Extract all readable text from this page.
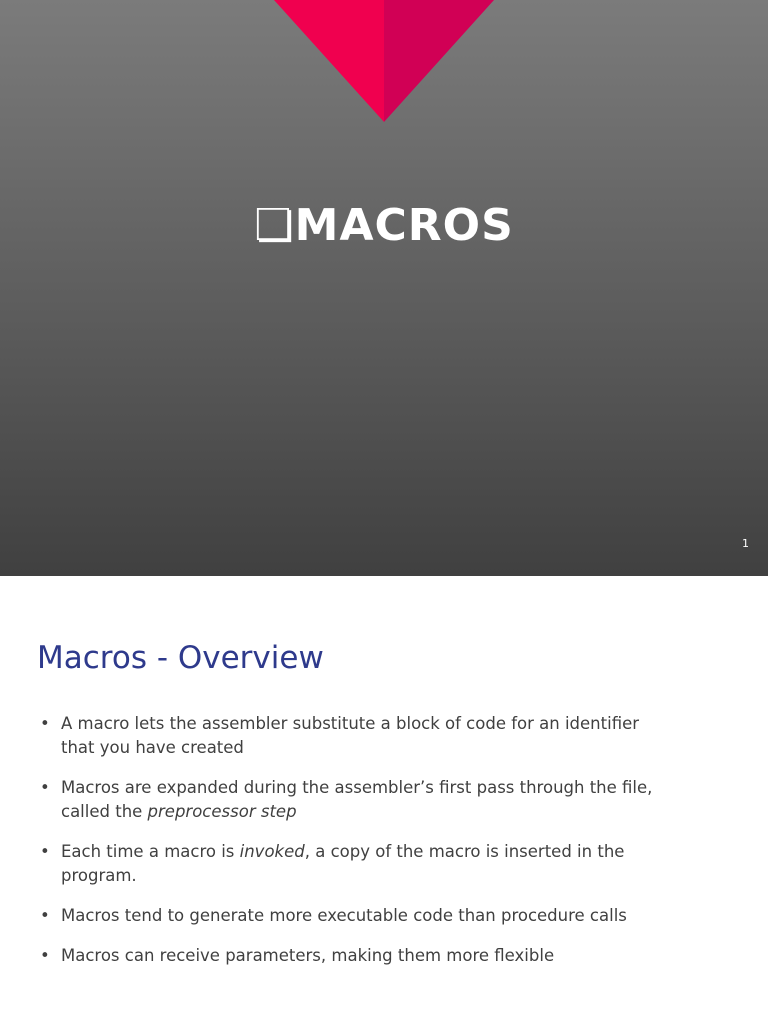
❏MACROS
1
Macros - Overview
• A macro lets the assembler substitute a block of code for an identifier that you have created
• Macros are expanded during the assembler’s first pass through the file, called the preprocessor step
• Each time a macro is invoked, a copy of the macro is inserted in the program.
• Macros tend to generate more executable code than procedure calls
• Macros can receive parameters, making them more flexible
